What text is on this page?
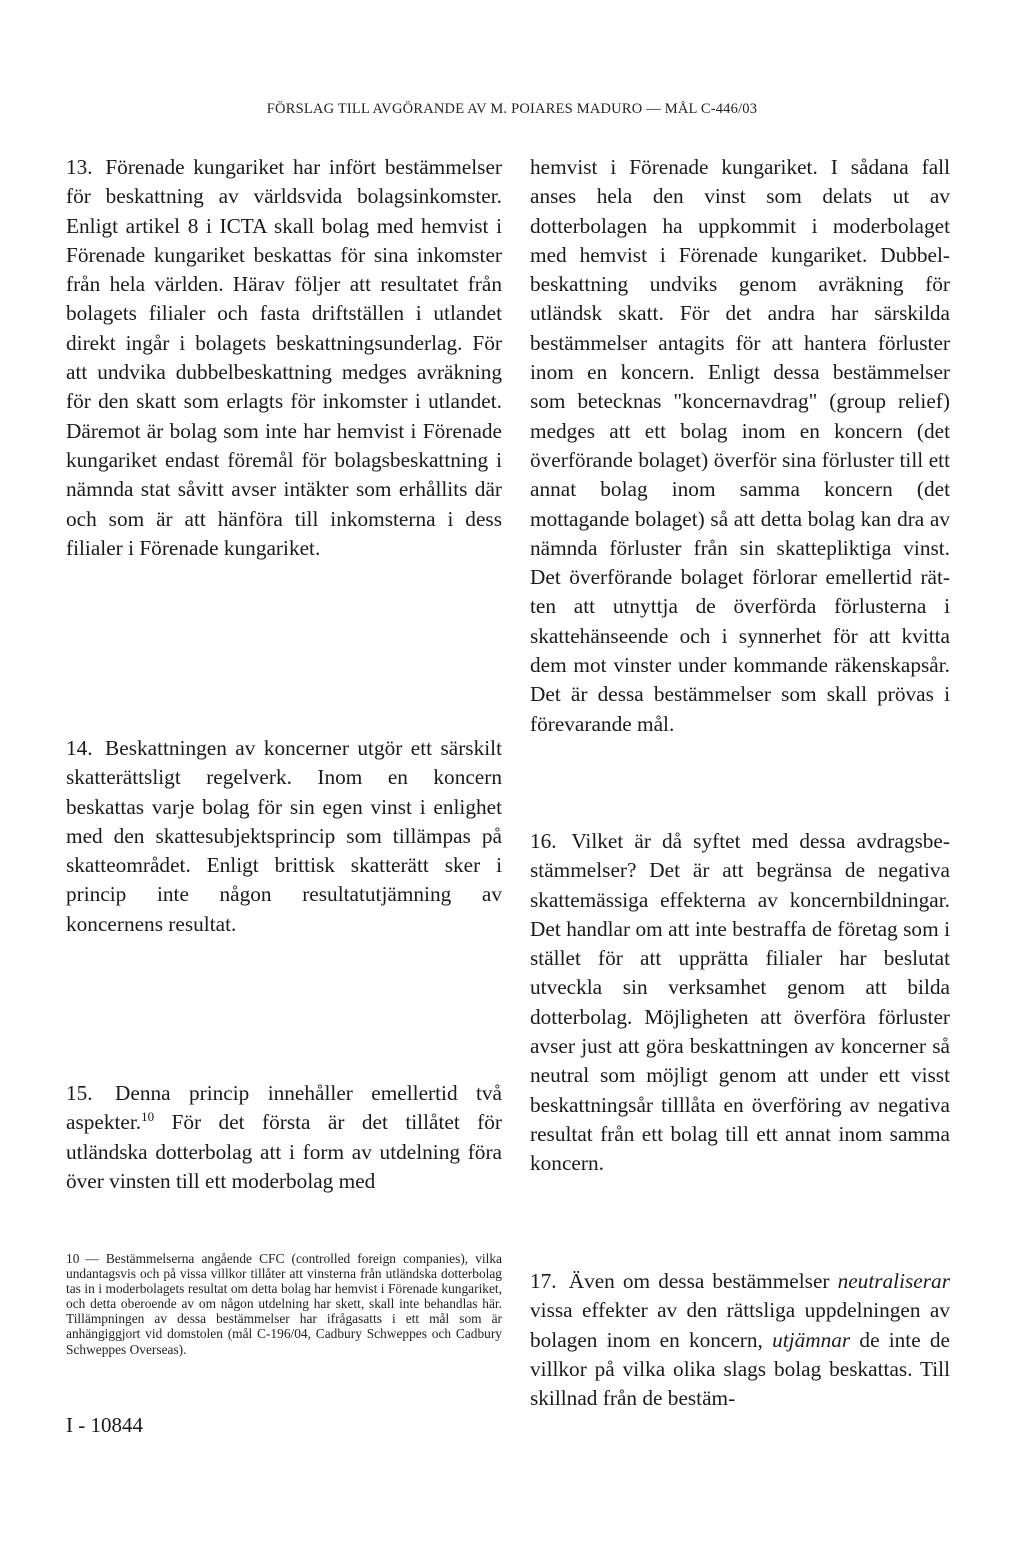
FÖRSLAG TILL AVGÖRANDE AV M. POIARES MADURO — MÅL C-446/03

13. Förenade kungariket har infört bestämmelser för beskattning av världsvida bolagsinkomster. Enligt artikel 8 i ICTA skall bolag med hemvist i Förenade kungariket beskattas för sina inkomster från hela världen. Härav följer att resultatet från bolagets filialer och fasta driftställen i utlandet direkt ingår i bolagets beskattningsunderlag. För att undvika dubbelbeskattning medges avräkning för den skatt som erlagts för inkomster i utlandet. Däremot är bolag som inte har hemvist i Förenade kungariket endast föremål för bolagsbeskattning i nämnda stat såvitt avser intäkter som erhållits där och som är att hänföra till inkomsterna i dess filialer i Förenade kungariket.

14. Beskattningen av koncerner utgör ett särskilt skatterättsligt regelverk. Inom en koncern beskattas varje bolag för sin egen vinst i enlighet med den skattesubjektsprincip som tillämpas på skatteområdet. Enligt brittisk skatterätt sker i princip inte någon resultatutjämning av koncernens resultat.

15. Denna princip innehåller emellertid två aspekter.$^{10}$ För det första är det tillåtet för utländska dotterbolag att i form av utdelning föra över vinsten till ett moderbolag med

hemvist i Förenade kungariket. I sådana fall anses hela den vinst som delats ut av dotterbolagen ha uppkommit i moderbolaget med hemvist i Förenade kungariket. Dubbelbeskattning undviks genom avräkning för utländsk skatt. För det andra har särskilda bestämmelser antagits för att hantera förluster inom en koncern. Enligt dessa bestämmelser som betecknas "koncernavdrag" (group relief) medges att ett bolag inom en koncern (det överförande bolaget) överför sina förluster till ett annat bolag inom samma koncern (det mottagande bolaget) så att detta bolag kan dra av nämnda förluster från sin skattepliktiga vinst. Det överförande bolaget förlorar emellertid rätten att utnyttja de överförda förlusterna i skattehänseende och i synnerhet för att kvitta dem mot vinster under kommande räkenskapsår. Det är dessa bestämmelser som skall prövas i förevarande mål.

16. Vilket är då syftet med dessa avdragsbestämmelser? Det är att begränsa de negativa skattemässiga effekterna av koncernbildningar. Det handlar om att inte bestraffa de företag som i stället för att upprätta filialer har beslutat utveckla sin verksamhet genom att bilda dotterbolag. Möjligheten att överföra förluster avser just att göra beskattningen av koncerner så neutral som möjligt genom att under ett visst beskattningsår tilllåta en överföring av negativa resultat från ett bolag till ett annat inom samma koncern.

17. Även om dessa bestämmelser neutraliserar vissa effekter av den rättsliga uppdelningen av bolagen inom en koncern, utjämnar de inte de villkor på vilka olika slags bolag beskattas. Till skillnad från de bestäm-

10 — Bestämmelserna angående CFC (controlled foreign companies), vilka undantagsvis och på vissa villkor tillåter att vinsterna från utländska dotterbolag tas in i moderbolagets resultat om detta bolag har hemvist i Förenade kungariket, och detta oberoende av om någon utdelning har skett, skall inte behandlas här. Tillämpningen av dessa bestämmelser har ifrågasatts i ett mål som är anhängiggjort vid domstolen (mål C-196/04, Cadbury Schweppes och Cadbury Schweppes Overseas).
I - 10844
